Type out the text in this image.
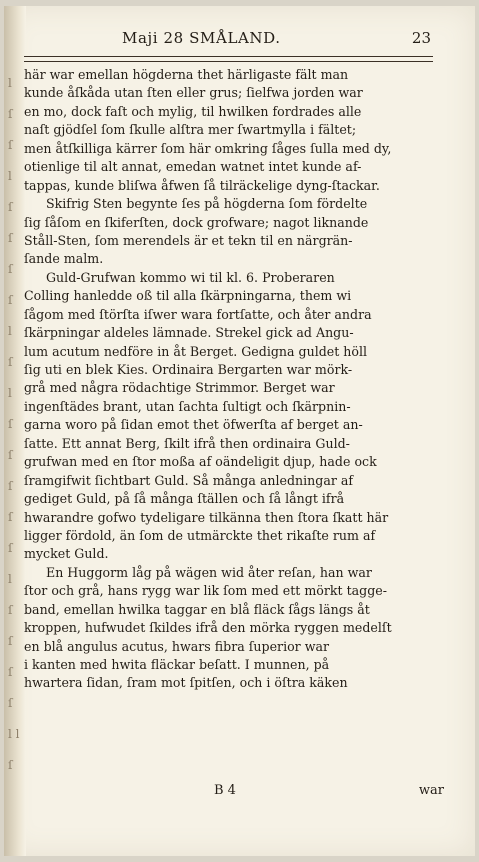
l ſ ſ l ſ ſ ſ ſ l ſ l ſ ſ ſ ſ ſ l ſ ſ ſ ſ l l ſ
Maji 28 SMÅLAND.	23
här war emellan högderna thet härligaste fält man
kunde åſkåda utan ſten eller grus; ſielfwa jorden war
en mo, dock faſt och mylig, til hwilken fordrades alle
naſt gjödſel ſom ſkulle alſtra mer ſwartmylla i fältet;
men åtſkilliga kärrer ſom här omkring ſåges ſulla med dy,
otienlige til alt annat, emedan watnet intet kunde af-
tappas, kunde bliſwa åfwen ſå tilräckelige dyng-ſtackar.
Skifrig Sten begynte ſes på högderna ſom fördelte
ſig ſåſom en ſkiferſten, dock grofware; nagot liknande
Ståll-Sten, ſom merendels är et tekn til en närgrän-
ſande malm.
Guld-Grufwan kommo wi til kl. 6. Proberaren
Colling hanledde oß til alla ſkärpningarna, them wi
ſågom med ſtörſta iſwer wara fortſatte, och åter andra
ſkärpningar aldeles lämnade. Strekel gick ad Angu-
lum acutum nedföre in åt Berget. Gedigna guldet höll
ſig uti en blek Kies. Ordinaira Bergarten war mörk-
grå med några rödachtige Strimmor. Berget war
ingenſtädes brant, utan ſachta ſultigt och ſkärpnin-
garna woro på ſidan emot thet öfwerſta af berget an-
ſatte. Ett annat Berg, ſkilt ifrå then ordinaira Guld-
grufwan med en ſtor moßa af oändeligit djup, hade ock
ſramgifwit ſichtbart Guld. Så många anledningar af
gediget Guld, på ſå många ſtällen och ſå långt ifrå
hwarandre gofwo tydeligare tilkänna then ſtora ſkatt här
ligger fördold, än ſom de utmärckte thet rikaſte rum af
mycket Guld.
En Huggorm låg på wägen wid åter reſan, han war
ſtor och grå, hans rygg war lik ſom med ett mörkt tagge-
band, emellan hwilka taggar en blå fläck ſågs längs åt
kroppen, hufwudet ſkildes ifrå den mörka ryggen medelſt
en blå angulus acutus, hwars fibra ſuperior war
i kanten med hwita fläckar beſatt. I munnen, på
hwartera ſidan, ſram mot ſpitſen, och i öſtra käken
B 4	war
